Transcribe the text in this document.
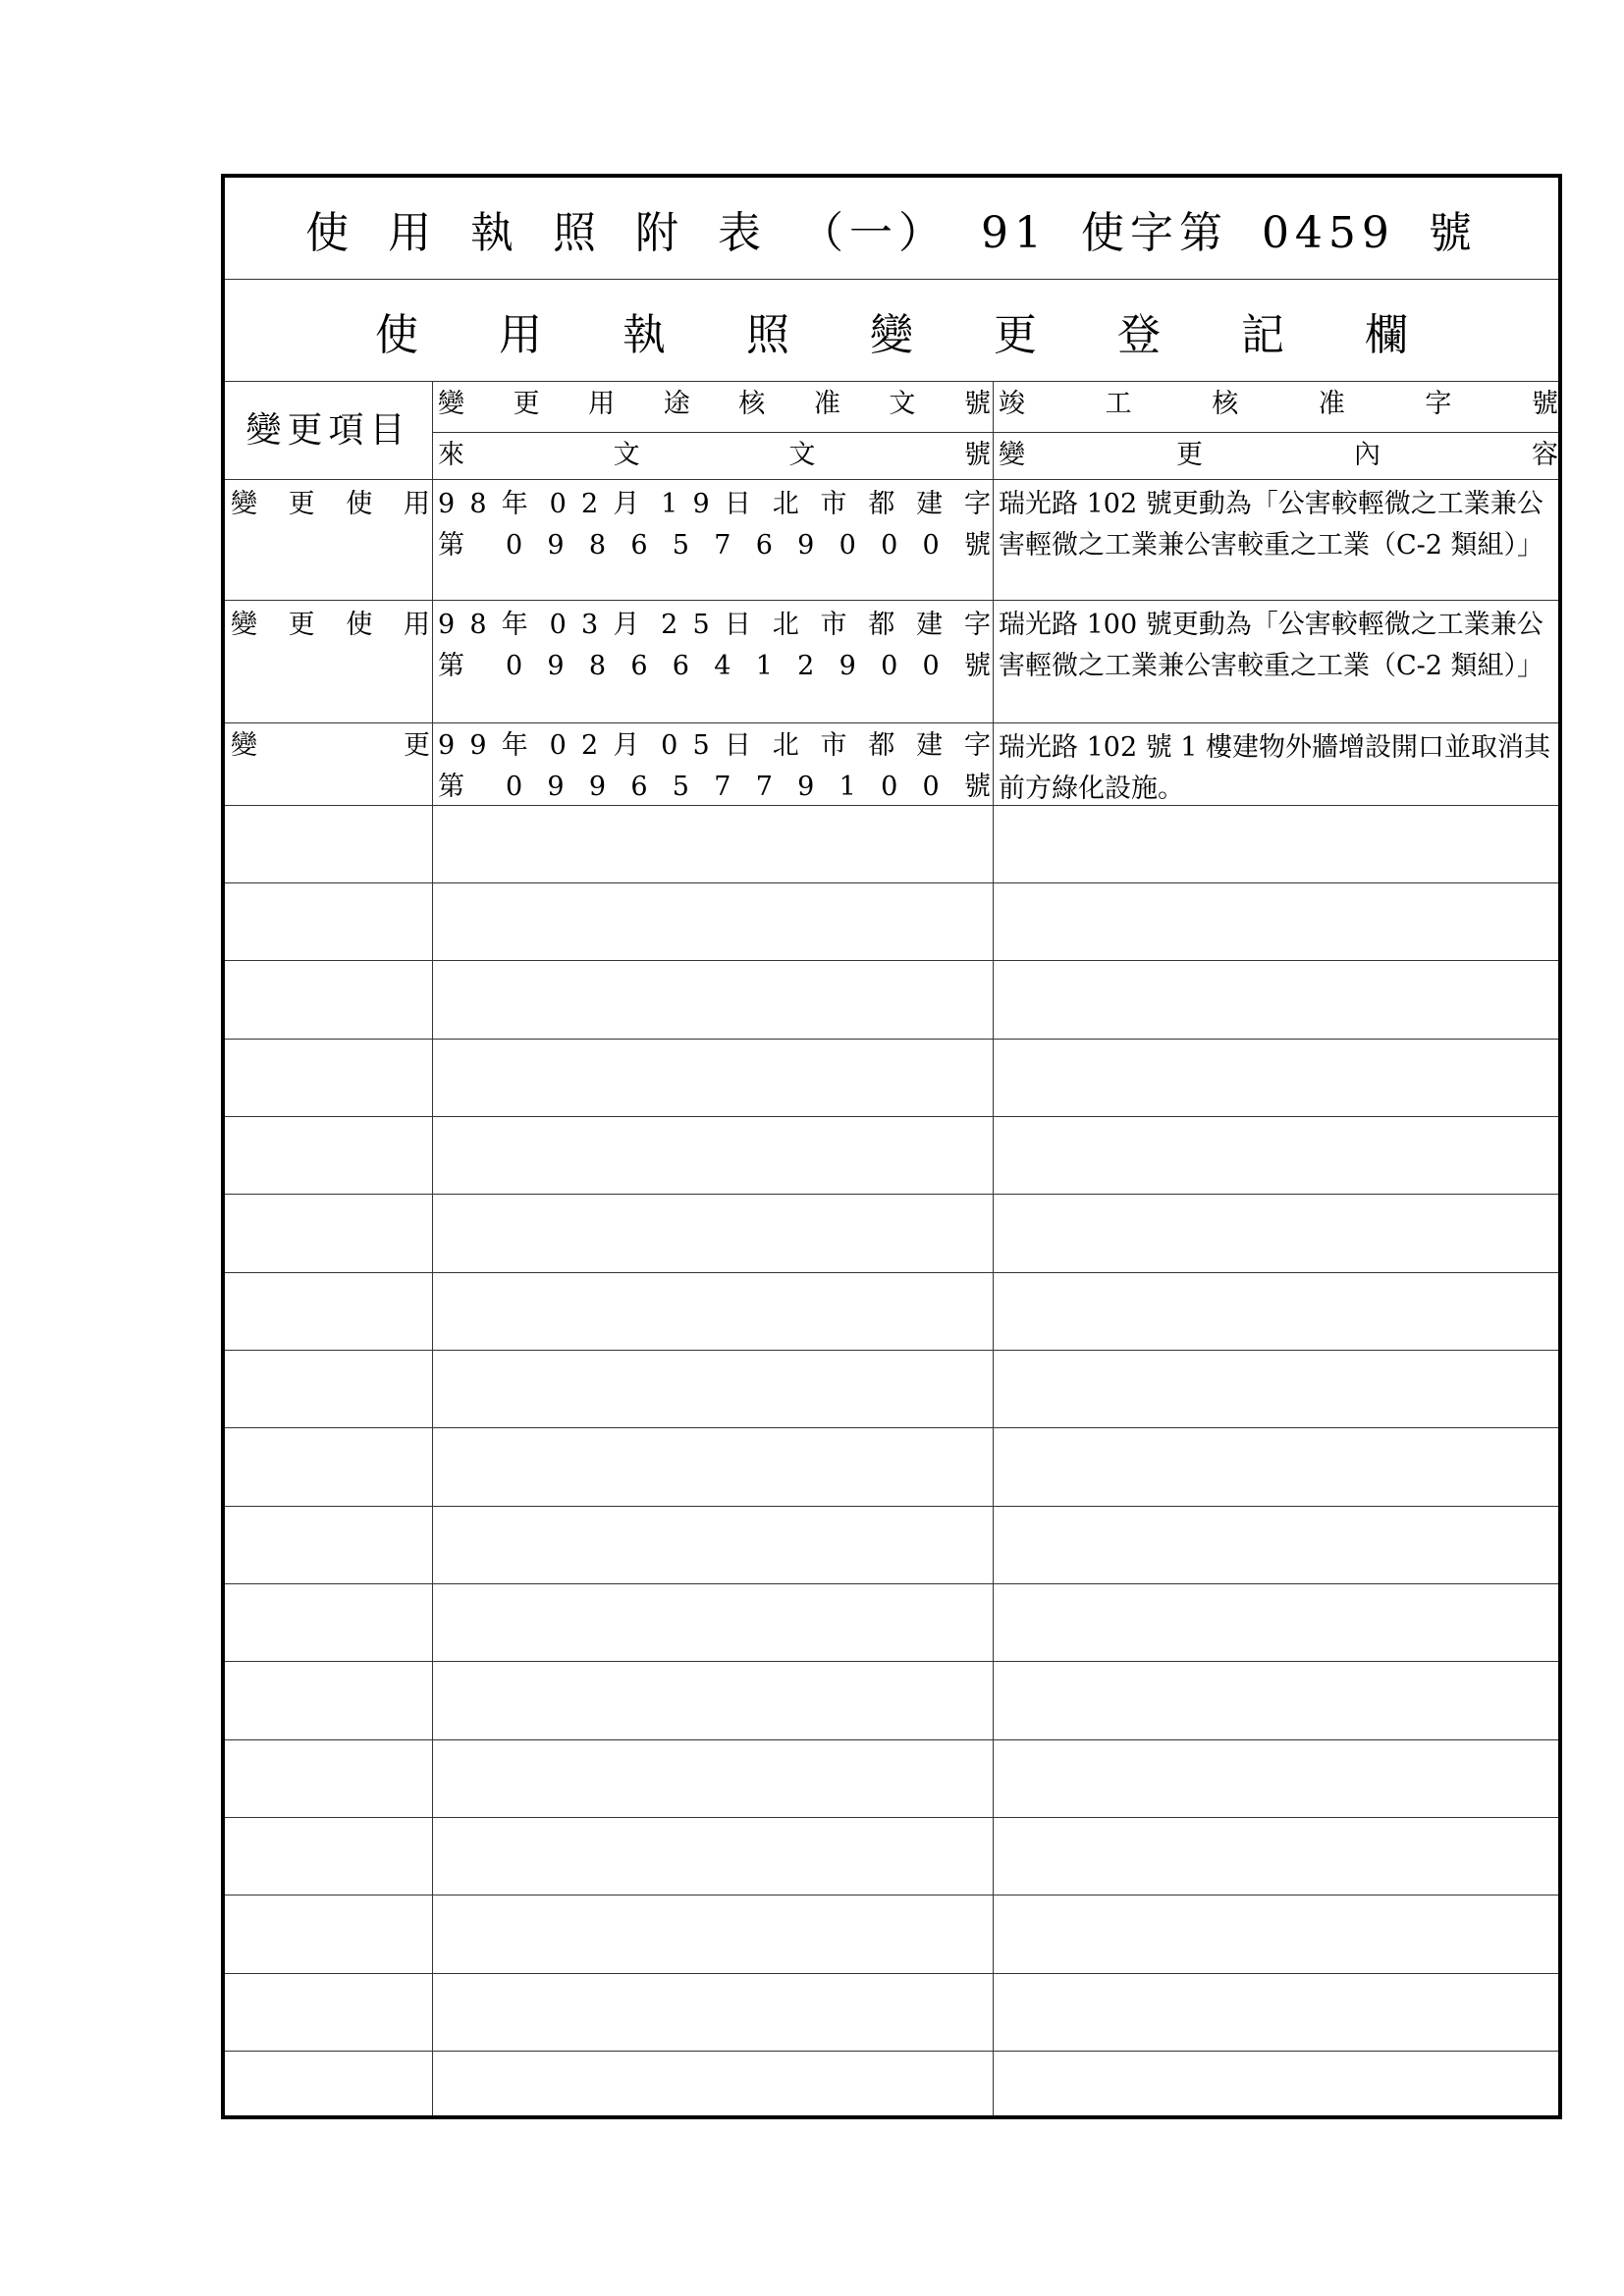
使 用 執 照 附 表 （一） 91 使字第 0459 號
使用執照變更登記欄
變更項目
變 更 用 途 核 准 文 號 竣 工 核 准 字 號
來 文 文 號 變 更 內 容
變 更 使 用 9 8 年 0 2 月 1 9 日 北 市 都 建 字
第 0 9 8 6 5 7 6 9 0 0 0 號
瑞光路 102 號更動為「公害較輕微之工業兼公害輕微之工業兼公害較重之工業（C-2 類組）」
變 更 使 用 9 8 年 0 3 月 2 5 日 北 市 都 建 字
第 0 9 8 6 6 4 1 2 9 0 0 號
瑞光路 100 號更動為「公害較輕微之工業兼公害輕微之工業兼公害較重之工業（C-2 類組）」
變 更 9 9 年 0 2 月 0 5 日 北 市 都 建 字
第 0 9 9 6 5 7 7 9 1 0 0 號
瑞光路 102 號 1 樓建物外牆增設開口並取消其前方綠化設施。
